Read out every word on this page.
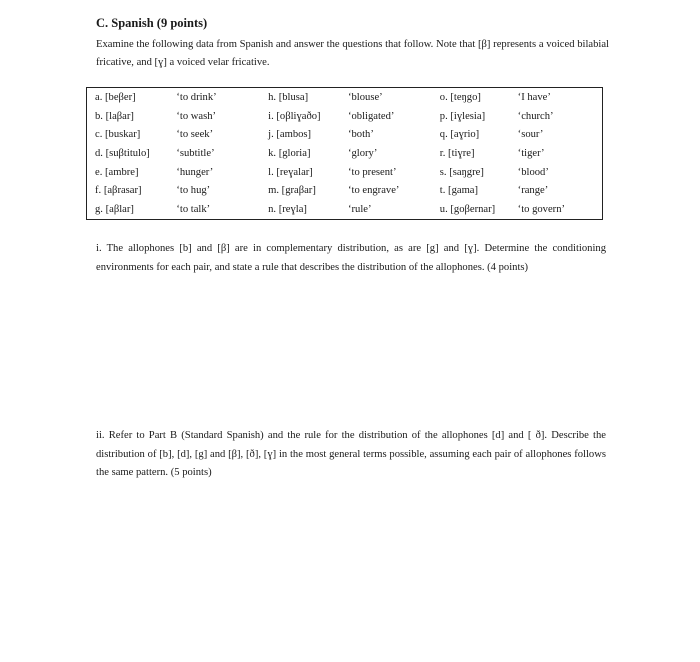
C. Spanish (9 points)
Examine the following data from Spanish and answer the questions that follow. Note that [β] represents a voiced bilabial fricative, and [ɣ] a voiced velar fricative.
a. [beβer]	‘to drink’	h. [blusa]	‘blouse’	o. [teŋgo]	‘I have’
b. [laβar]	‘to wash’	i. [oβliɣaðo]	‘obligated’	p. [iɣlesia]	‘church’
c. [buskar]	‘to seek’	j. [ambos]	‘both’	q. [aɣrio]	‘sour’
d. [suβtitulo]	‘subtitle’	k. [gloria]	‘glory’	r. [tiɣre]	‘tiger’
e. [ambre]	‘hunger’	l. [reɣalar]	‘to present’	s. [saŋgre]	‘blood’
f. [aβrasar]	‘to hug’	m. [graβar]	‘to engrave’	t. [gama]	‘range’
g. [aβlar]	‘to talk’	n. [reɣla]	‘rule’	u. [goβernar]	‘to govern’
i. The allophones [b] and [β] are in complementary distribution, as are [g] and [ɣ]. Determine the conditioning environments for each pair, and state a rule that describes the distribution of the allophones. (4 points)
ii. Refer to Part B (Standard Spanish) and the rule for the distribution of the allophones [d] and [ ð]. Describe the distribution of [b], [d], [g] and [β], [ð], [ɣ] in the most general terms possible, assuming each pair of allophones follows the same pattern. (5 points)
